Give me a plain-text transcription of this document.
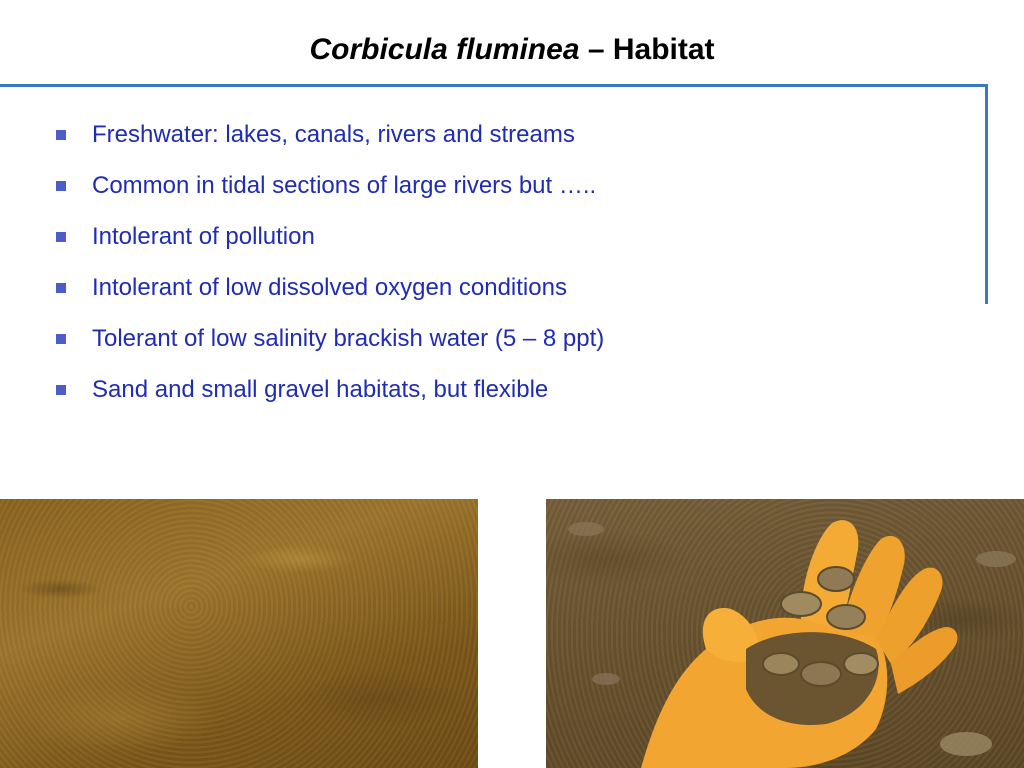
Corbicula fluminea – Habitat
Freshwater: lakes, canals, rivers and streams
Common in tidal sections of large rivers but …..
Intolerant of pollution
Intolerant of low dissolved oxygen conditions
Tolerant of low salinity brackish water (5 – 8 ppt)
Sand and small gravel habitats, but flexible
